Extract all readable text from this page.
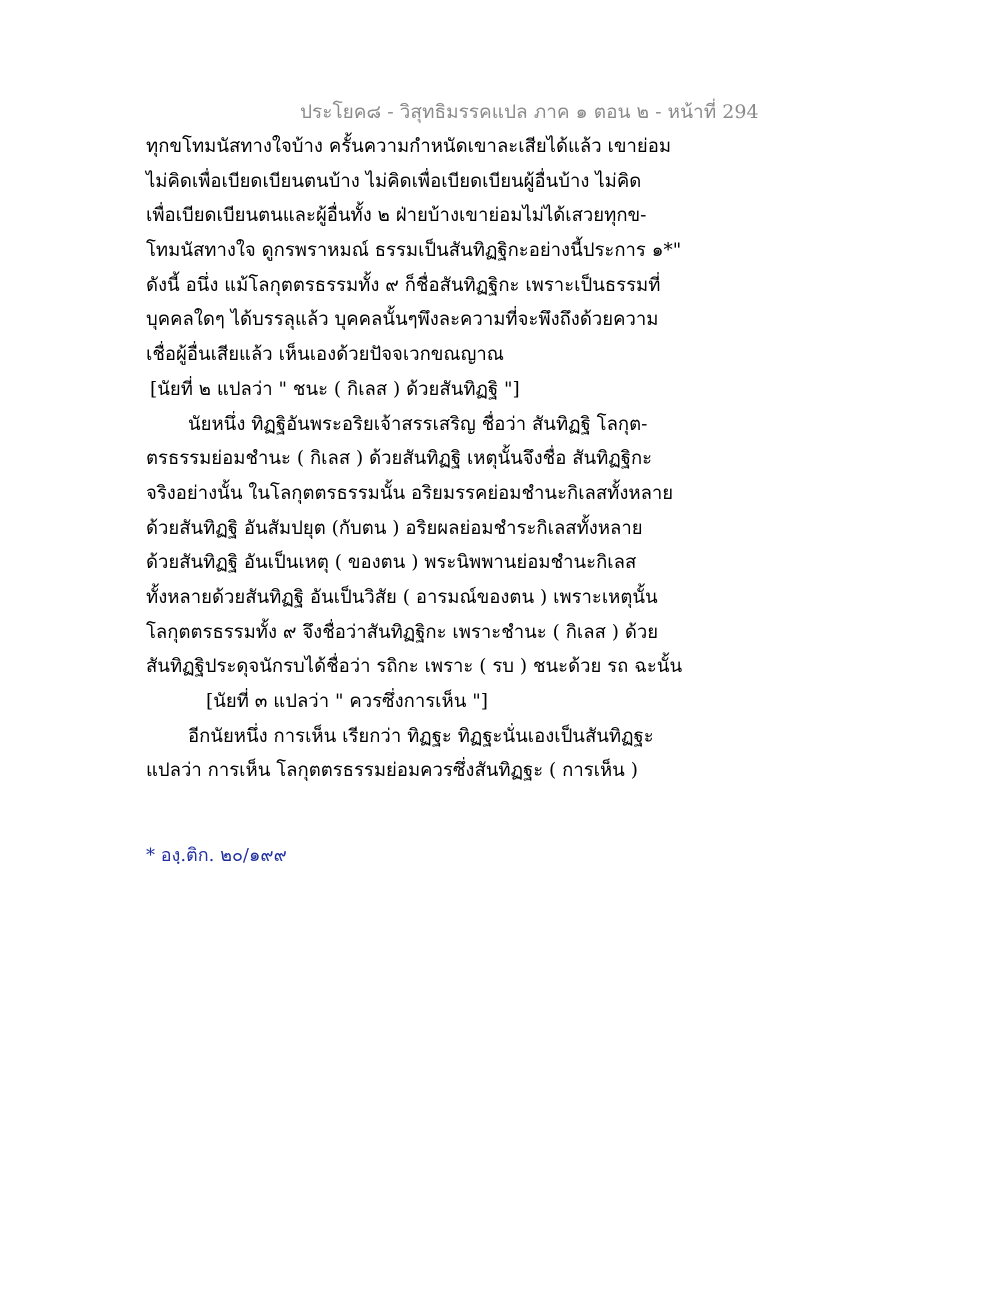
ประโยค๘ - วิสุทธิมรรคแปล ภาค ๑ ตอน ๒ - หน้าที่ 294
ทุกขโทมนัสทางใจบ้าง ครั้นความกำหนัดเขาละเสียได้แล้ว เขาย่อม
ไม่คิดเพื่อเบียดเบียนตนบ้าง ไม่คิดเพื่อเบียดเบียนผู้อื่นบ้าง ไม่คิด
เพื่อเบียดเบียนตนและผู้อื่นทั้ง ๒ ฝ่ายบ้างเขาย่อมไม่ได้เสวยทุกข-
โทมนัสทางใจ ดูกรพราหมณ์ ธรรมเป็นสันทิฏฐิกะอย่างนี้ประการ ๑*"
ดังนี้ อนึ่ง แม้โลกุตตรธรรมทั้ง ๙ ก็ชื่อสันทิฏฐิกะ เพราะเป็นธรรมที่
บุคคลใดๆ ได้บรรลุแล้ว บุคคลนั้นๆพึงละความที่จะพึงถึงด้วยความ
เชื่อผู้อื่นเสียแล้ว เห็นเองด้วยปัจจเวกขณญาณ
[นัยที่ ๒ แปลว่า " ชนะ ( กิเลส ) ด้วยสันทิฏฐิ "]
นัยหนึ่ง ทิฏฐิอันพระอริยเจ้าสรรเสริญ ชื่อว่า สันทิฏฐิ โลกุต-
ตรธรรมย่อมชำนะ ( กิเลส ) ด้วยสันทิฏฐิ เหตุนั้นจึงชื่อ สันทิฏฐิกะ
จริงอย่างนั้น ในโลกุตตรธรรมนั้น อริยมรรคย่อมชำนะกิเลสทั้งหลาย
ด้วยสันทิฏฐิ อันสัมปยุต (กับตน ) อริยผลย่อมชำระกิเลสทั้งหลาย
ด้วยสันทิฏฐิ อันเป็นเหตุ ( ของตน ) พระนิพพานย่อมชำนะกิเลส
ทั้งหลายด้วยสันทิฏฐิ อันเป็นวิสัย ( อารมณ์ของตน ) เพราะเหตุนั้น
โลกุตตรธรรมทั้ง ๙ จึงชื่อว่าสันทิฏฐิกะ เพราะชำนะ ( กิเลส ) ด้วย
สันทิฏฐิประดุจนักรบได้ชื่อว่า รถิกะ เพราะ ( รบ ) ชนะด้วย รถ ฉะนั้น
[นัยที่ ๓ แปลว่า " ควรซึ่งการเห็น "]
อีกนัยหนึ่ง การเห็น เรียกว่า ทิฏฐะ ทิฏฐะนั่นเองเป็นสันทิฏฐะ
แปลว่า การเห็น โลกุตตรธรรมย่อมควรซึ่งสันทิฏฐะ ( การเห็น )
* องฺ.ติก. ๒๐/๑๙๙
